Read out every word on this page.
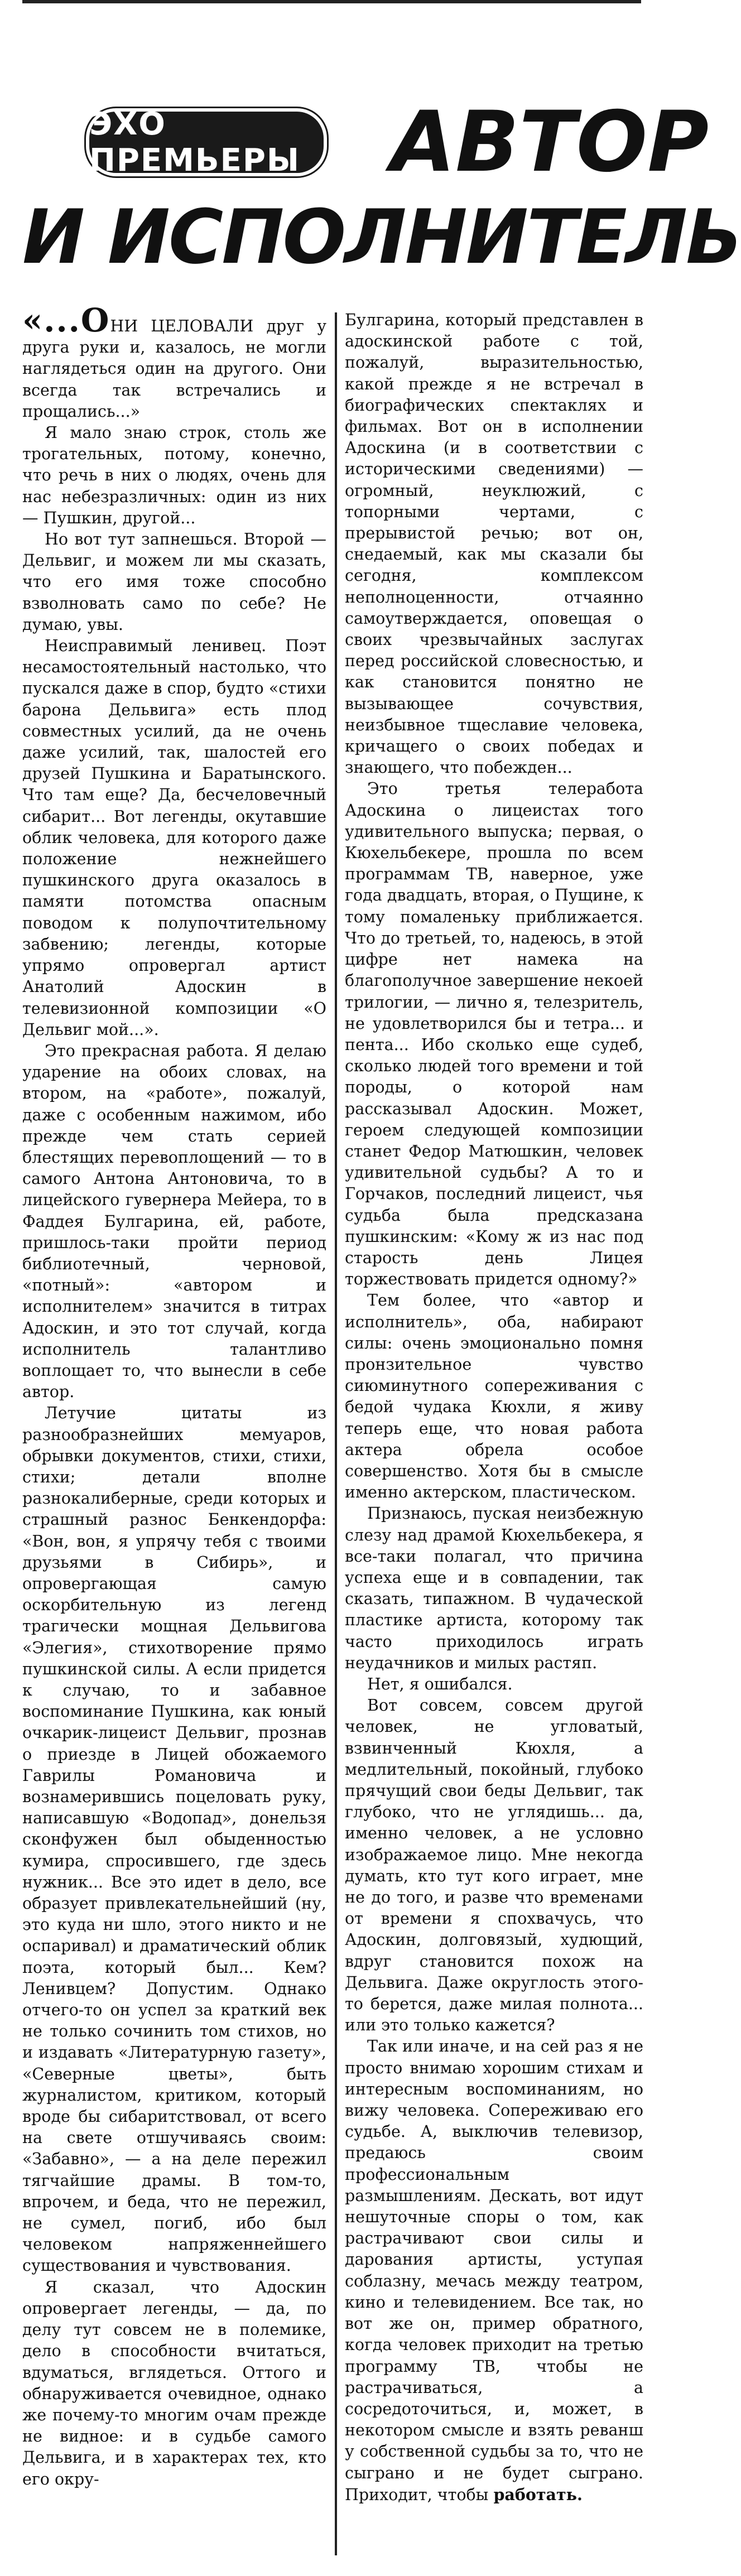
ЭХО ПРЕМЬЕРЫ АВТОР
И ИСПОЛНИТЕЛЬ

«...ОНИ ЦЕЛОВАЛИ друг у друга руки и, казалось, не могли наглядеться один на другого. Они всегда так встречались и прощались...»

Я мало знаю строк, столь же трогательных, потому, конечно, что речь в них о людях, очень для нас небезразличных: один из них — Пушкин, другой...

Но вот тут запнешься. Второй — Дельвиг, и можем ли мы сказать, что его имя тоже способно взволновать само по себе? Не думаю, увы.

Неисправимый ленивец. Поэт несамостоятельный настолько, что пускался даже в спор, будто «стихи барона Дельвига» есть плод совместных усилий, да не очень даже усилий, так, шалостей его друзей Пушкина и Баратынского. Что там еще? Да, бесчеловечный сибарит... Вот легенды, окутавшие облик человека, для которого даже положение нежнейшего пушкинского друга оказалось в памяти потомства опасным поводом к полупочтительному забвению; легенды, которые упрямо опровергал артист Анатолий Адоскин в телевизионной композиции «О Дельвиг мой...».

Это прекрасная работа. Я делаю ударение на обоих словах, на втором, на «работе», пожалуй, даже с особенным нажимом, ибо прежде чем стать серией блестящих перевоплощений — то в самого Антона Антоновича, то в лицейского гувернера Мейера, то в Фаддея Булгарина, ей, работе, пришлось-таки пройти период библиотечный, черновой, «потный»: «автором и исполнителем» значится в титрах Адоскин, и это тот случай, когда исполнитель талантливо воплощает то, что вынесли в себе автор.

Летучие цитаты из разнообразнейших мемуаров, обрывки документов, стихи, стихи, стихи; детали вполне разнокалиберные, среди которых и страшный разнос Бенкендорфа: «Вон, вон, я упрячу тебя с твоими друзьями в Сибирь», и опровергающая самую оскорбительную из легенд трагически мощная Дельвигова «Элегия», стихотворение прямо пушкинской силы. А если придется к случаю, то и забавное воспоминание Пушкина, как юный очкарик-лицеист Дельвиг, прознав о приезде в Лицей обожаемого Гаврилы Романовича и вознамерившись поцеловать руку, написавшую «Водопад», донельзя сконфужен был обыденностью кумира, спросившего, где здесь нужник... Все это идет в дело, все образует привлекательнейший (ну, это куда ни шло, этого никто и не оспаривал) и драматический облик поэта, который был... Кем? Ленивцем? Допустим. Однако отчего-то он успел за краткий век не только сочинить том стихов, но и издавать «Литературную газету», «Северные цветы», быть журналистом, критиком, который вроде бы сибаритствовал, от всего на свете отшучиваясь своим: «Забавно», — а на деле пережил тягчайшие драмы. В том-то, впрочем, и беда, что не пережил, не сумел, погиб, ибо был человеком напряженнейшего существования и чувствования.

Я сказал, что Адоскин опровергает легенды, — да, по делу тут совсем не в полемике, дело в способности вчитаться, вдуматься, вглядеться. Оттого и обнаруживается очевидное, однако же почему-то многим очам прежде не видное: и в судьбе самого Дельвига, и в характерах тех, кто его окру-

Булгарина, который представлен в адоскинской работе с той, пожалуй, выразительностью, какой прежде я не встречал в биографических спектаклях и фильмах. Вот он в исполнении Адоскина (и в соответствии с историческими сведениями) — огромный, неуклюжий, с топорными чертами, с прерывистой речью; вот он, снедаемый, как мы сказали бы сегодня, комплексом неполноценности, отчаянно самоутверждается, оповещая о своих чрезвычайных заслугах перед российской словесностью, и как становится понятно не вызывающее сочувствия, неизбывное тщеславие человека, кричащего о своих победах и знающего, что побежден...

Это третья телеработа Адоскина о лицеистах того удивительного выпуска; первая, о Кюхельбекере, прошла по всем программам ТВ, наверное, уже года двадцать, вторая, о Пущине, к тому помаленьку приближается. Что до третьей, то, надеюсь, в этой цифре нет намека на благополучное завершение некоей трилогии, — лично я, телезритель, не удовлетворился бы и тетра... и пента... Ибо сколько еще судеб, сколько людей того времени и той породы, о которой нам рассказывал Адоскин. Может, героем следующей композиции станет Федор Матюшкин, человек удивительной судьбы? А то и Горчаков, последний лицеист, чья судьба была предсказана пушкинским: «Кому ж из нас под старость день Лицея торжествовать придется одному?»

Тем более, что «автор и исполнитель», оба, набирают силы: очень эмоционально помня пронзительное чувство сиюминутного сопереживания с бедой чудака Кюхли, я живу теперь еще, что новая работа актера обрела особое совершенство. Хотя бы в смысле именно актерском, пластическом.

Признаюсь, пуская неизбежную слезу над драмой Кюхельбекера, я все-таки полагал, что причина успеха еще и в совпадении, так сказать, типажном. В чудаческой пластике артиста, которому так часто приходилось играть неудачников и милых растяп.

Нет, я ошибался.

Вот совсем, совсем другой человек, не угловатый, взвинченный Кюхля, а медлительный, покойный, глубоко прячущий свои беды Дельвиг, так глубоко, что не углядишь... да, именно человек, а не условно изображаемое лицо. Мне некогда думать, кто тут кого играет, мне не до того, и разве что временами от времени я спохвачусь, что Адоскин, долговязый, худющий, вдруг становится похож на Дельвига. Даже округлость этого-то берется, даже милая полнота... или это только кажется?

Так или иначе, и на сей раз я не просто внимаю хорошим стихам и интересным воспоминаниям, но вижу человека. Сопереживаю его судьбе. А, выключив телевизор, предаюсь своим профессиональным размышлениям. Дескать, вот идут нешуточные споры о том, как растрачивают свои силы и дарования артисты, уступая соблазну, мечась между театром, кино и телевидением. Все так, но вот же он, пример обратного, когда человек приходит на третью программу ТВ, чтобы не растрачиваться, а сосредоточиться, и, может, в некотором смысле и взять реванш у собственной судьбы за то, что не сыграно и не будет сыграно. Приходит, чтобы работать.
